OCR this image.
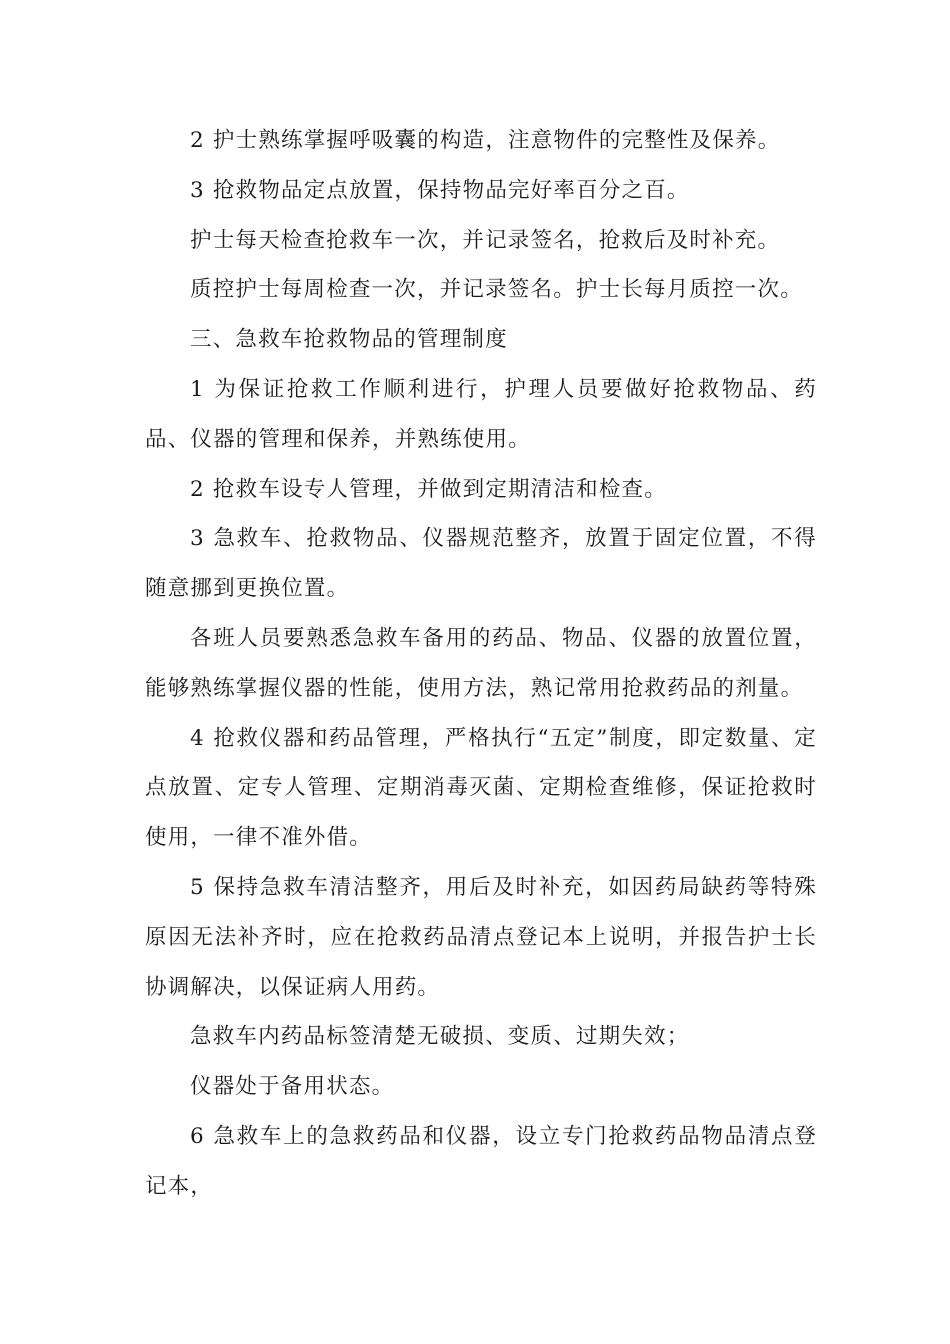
2 护士熟练掌握呼吸囊的构造，注意物件的完整性及保养。

3 抢救物品定点放置，保持物品完好率百分之百。

护士每天检查抢救车一次，并记录签名，抢救后及时补充。

质控护士每周检查一次，并记录签名。护士长每月质控一次。

三、急救车抢救物品的管理制度

1 为保证抢救工作顺利进行，护理人员要做好抢救物品、药品、仪器的管理和保养，并熟练使用。

2 抢救车设专人管理，并做到定期清洁和检查。

3 急救车、抢救物品、仪器规范整齐，放置于固定位置，不得随意挪到更换位置。

各班人员要熟悉急救车备用的药品、物品、仪器的放置位置，能够熟练掌握仪器的性能，使用方法，熟记常用抢救药品的剂量。

4 抢救仪器和药品管理，严格执行“五定”制度，即定数量、定点放置、定专人管理、定期消毒灭菌、定期检查维修，保证抢救时使用，一律不准外借。

5 保持急救车清洁整齐，用后及时补充，如因药局缺药等特殊原因无法补齐时，应在抢救药品清点登记本上说明，并报告护士长协调解决，以保证病人用药。

急救车内药品标签清楚无破损、变质、过期失效；

仪器处于备用状态。

6 急救车上的急救药品和仪器，设立专门抢救药品物品清点登记本，
